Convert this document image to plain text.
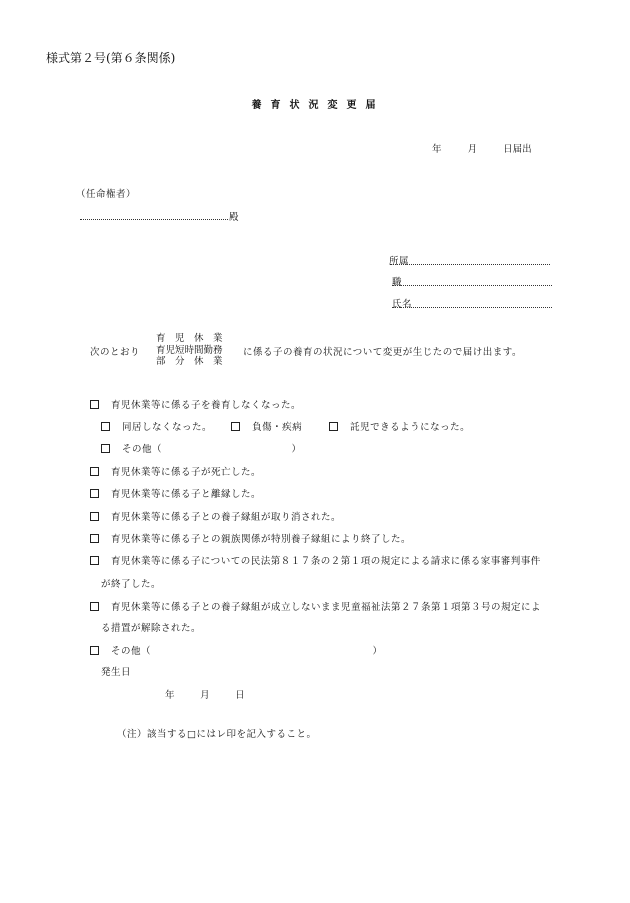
様式第２号(第６条関係)
養育状況変更届
年	月	日届出
（任命権者）
殿
所属
職
氏名
次のとおり
育　児　休　業
育児短時間勤務
部　分　休　業
に係る子の養育の状況について変更が生じたので届け出ます。
育児休業等に係る子を養育しなくなった。
同居しなくなった。	負傷・疾病	託児できるようになった。
その他（	）
育児休業等に係る子が死亡した。
育児休業等に係る子と離縁した。
育児休業等に係る子との養子縁組が取り消された。
育児休業等に係る子との親族関係が特別養子縁組により終了した。
育児休業等に係る子についての民法第８１７条の２第１項の規定による請求に係る家事審判事件
が終了した。
育児休業等に係る子との養子縁組が成立しないまま児童福祉法第２７条第１項第３号の規定によ
る措置が解除された。
その他（	）
発生日
年	月	日
（注）該当する□にはレ印を記入すること。
